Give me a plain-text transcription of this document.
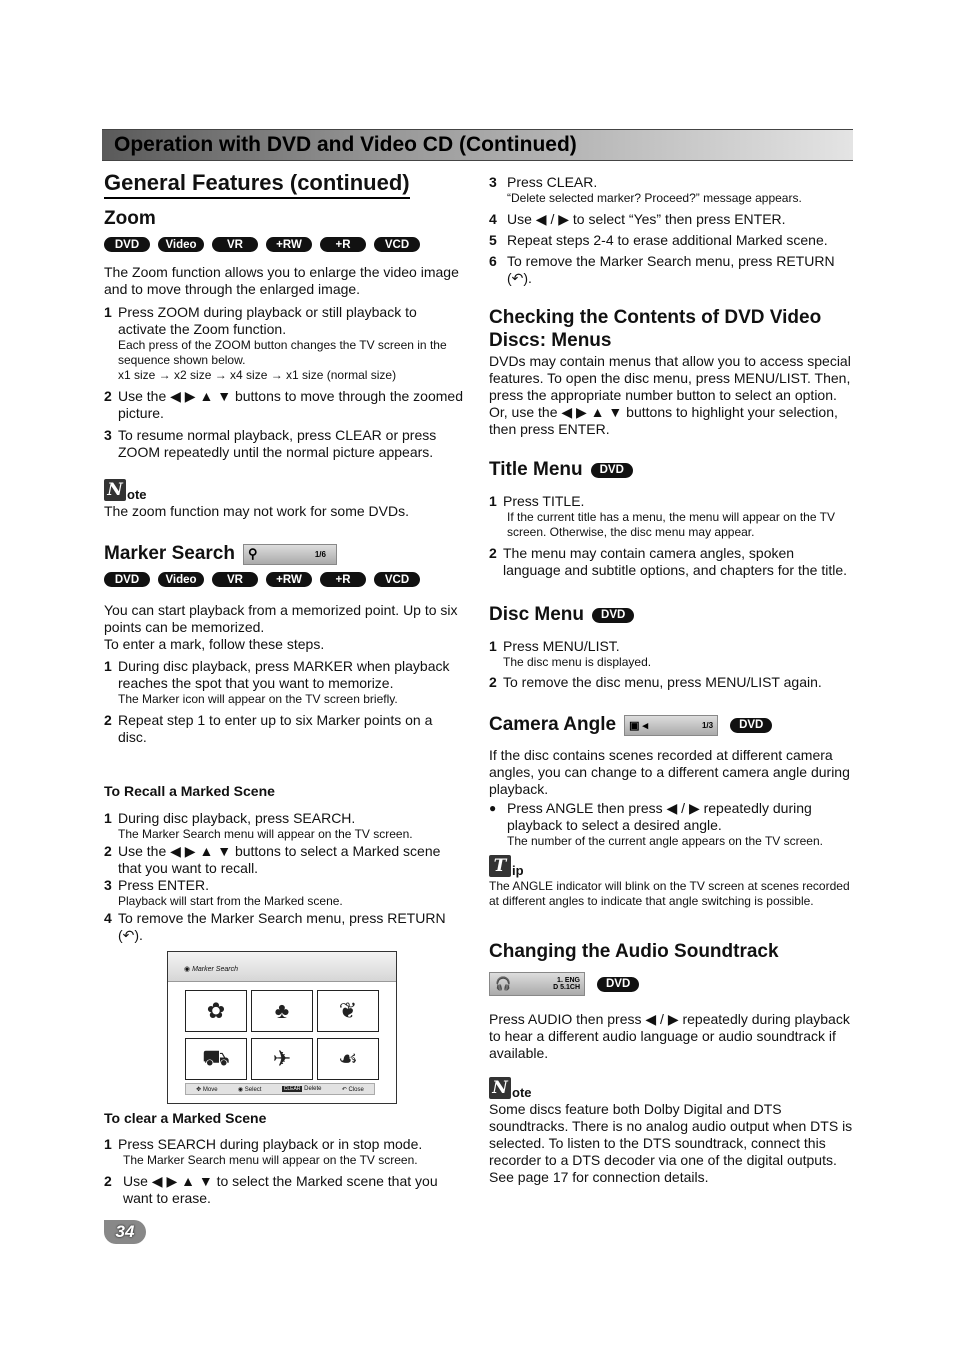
Operation with DVD and Video CD (Continued)
General Features (continued)
Zoom
DVD	Video	VR	+RW	+R	VCD
The Zoom function allows you to enlarge the video image and to move through the enlarged image.
1 Press ZOOM during playback or still playback to activate the Zoom function.
Each press of the ZOOM button changes the TV screen in the sequence shown below.
x1 size → x2 size → x4 size → x1 size (normal size)
2 Use the ◀ ▶ ▲ ▼ buttons to move through the zoomed picture.
3 To resume normal playback, press CLEAR or press ZOOM repeatedly until the normal picture appears.
N ote
The zoom function may not work for some DVDs.
Marker Search ⚲	1/6
DVD	Video	VR	+RW	+R	VCD
You can start playback from a memorized point. Up to six points can be memorized.
To enter a mark, follow these steps.
1 During disc playback, press MARKER when playback reaches the spot that you want to memorize.
The Marker icon will appear on the TV screen briefly.
2 Repeat step 1 to enter up to six Marker points on a disc.
To Recall a Marked Scene
1 During disc playback, press SEARCH.
The Marker Search menu will appear on the TV screen.
2 Use the ◀ ▶ ▲ ▼ buttons to select a Marked scene that you want to recall.
3 Press ENTER.
Playback will start from the Marked scene.
4 To remove the Marker Search menu, press RETURN (↶).
◉ Marker Search
✿	♣	❦
⛟	✈	☙
✥ Move	◉ Select	CLEAR Delete	↶ Close
To clear a Marked Scene
1 Press SEARCH during playback or in stop mode.
The Marker Search menu will appear on the TV screen.
2 Use ◀ ▶ ▲ ▼ to select the Marked scene that you want to erase.
3 Press CLEAR.
“Delete selected marker? Proceed?” message appears.
4 Use ◀ / ▶ to select “Yes” then press ENTER.
5 Repeat steps 2-4 to erase additional Marked scene.
6 To remove the Marker Search menu, press RETURN (↶).
Checking the Contents of DVD Video Discs: Menus
DVDs may contain menus that allow you to access special features. To open the disc menu, press MENU/LIST. Then, press the appropriate number button to select an option. Or, use the ◀ ▶ ▲ ▼ buttons to highlight your selection, then press ENTER.
Title Menu	DVD
1 Press TITLE.
If the current title has a menu, the menu will appear on the TV screen. Otherwise, the disc menu may appear.
2 The menu may contain camera angles, spoken language and subtitle options, and chapters for the title.
Disc Menu	DVD
1 Press MENU/LIST.
The disc menu is displayed.
2 To remove the disc menu, press MENU/LIST again.
Camera Angle ▣ ◂	1/3	DVD
If the disc contains scenes recorded at different camera angles, you can change to a different camera angle during playback.
● Press ANGLE then press ◀ / ▶ repeatedly during playback to select a desired angle.
The number of the current angle appears on the TV screen.
T ip
The ANGLE indicator will blink on the TV screen at scenes recorded at different angles to indicate that angle switching is possible.
Changing the Audio Soundtrack
🎧	1. ENG
D 5.1CH	DVD
Press AUDIO then press ◀ / ▶ repeatedly during playback to hear a different audio language or audio soundtrack if available.
N ote
Some discs feature both Dolby Digital and DTS soundtracks. There is no analog audio output when DTS is selected. To listen to the DTS soundtrack, connect this recorder to a DTS decoder via one of the digital outputs. See page 17 for connection details.
34
